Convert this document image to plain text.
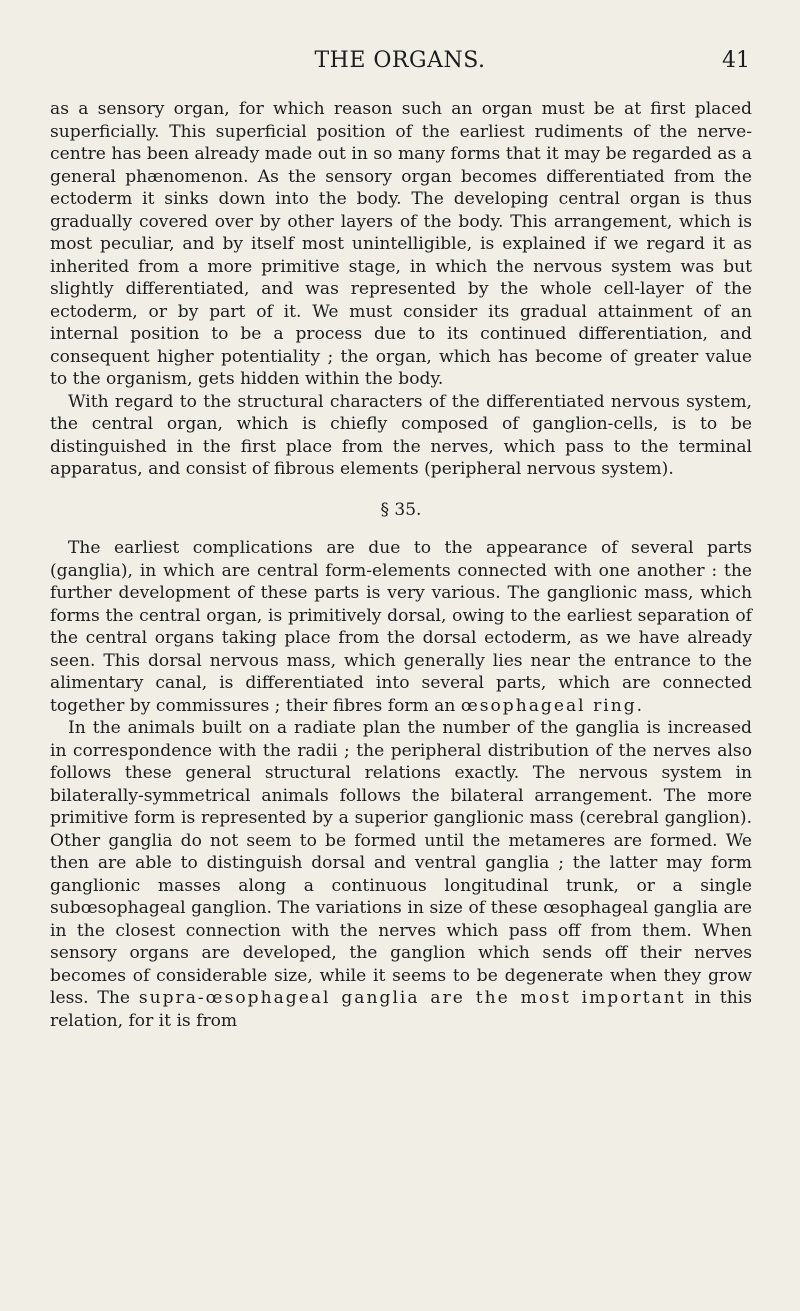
THE ORGANS.	41

as a sensory organ, for which reason such an organ must be at first placed superficially. This superficial position of the earliest rudiments of the nerve-centre has been already made out in so many forms that it may be regarded as a general phænomenon. As the sensory organ becomes differentiated from the ectoderm it sinks down into the body. The developing central organ is thus gradually covered over by other layers of the body. This arrangement, which is most peculiar, and by itself most unintelligible, is explained if we regard it as inherited from a more primitive stage, in which the nervous system was but slightly differentiated, and was represented by the whole cell-layer of the ectoderm, or by part of it. We must consider its gradual attainment of an internal position to be a process due to its continued differentiation, and consequent higher potentiality ; the organ, which has become of greater value to the organism, gets hidden within the body.

With regard to the structural characters of the differentiated nervous system, the central organ, which is chiefly composed of ganglion-cells, is to be distinguished in the first place from the nerves, which pass to the terminal apparatus, and consist of fibrous elements (peripheral nervous system).

§ 35.

The earliest complications are due to the appearance of several parts (ganglia), in which are central form-elements connected with one another : the further development of these parts is very various. The ganglionic mass, which forms the central organ, is primitively dorsal, owing to the earliest separation of the central organs taking place from the dorsal ectoderm, as we have already seen. This dorsal nervous mass, which generally lies near the entrance to the alimentary canal, is differentiated into several parts, which are connected together by commissures ; their fibres form an œsophageal ring.

In the animals built on a radiate plan the number of the ganglia is increased in correspondence with the radii ; the peripheral distribution of the nerves also follows these general structural relations exactly. The nervous system in bilaterally-symmetrical animals follows the bilateral arrangement. The more primitive form is represented by a superior ganglionic mass (cerebral ganglion). Other ganglia do not seem to be formed until the metameres are formed. We then are able to distinguish dorsal and ventral ganglia ; the latter may form ganglionic masses along a continuous longitudinal trunk, or a single subœsophageal ganglion. The variations in size of these œsophageal ganglia are in the closest connection with the nerves which pass off from them. When sensory organs are developed, the ganglion which sends off their nerves becomes of considerable size, while it seems to be degenerate when they grow less. The supra-œsophageal ganglia are the most important in this relation, for it is from
